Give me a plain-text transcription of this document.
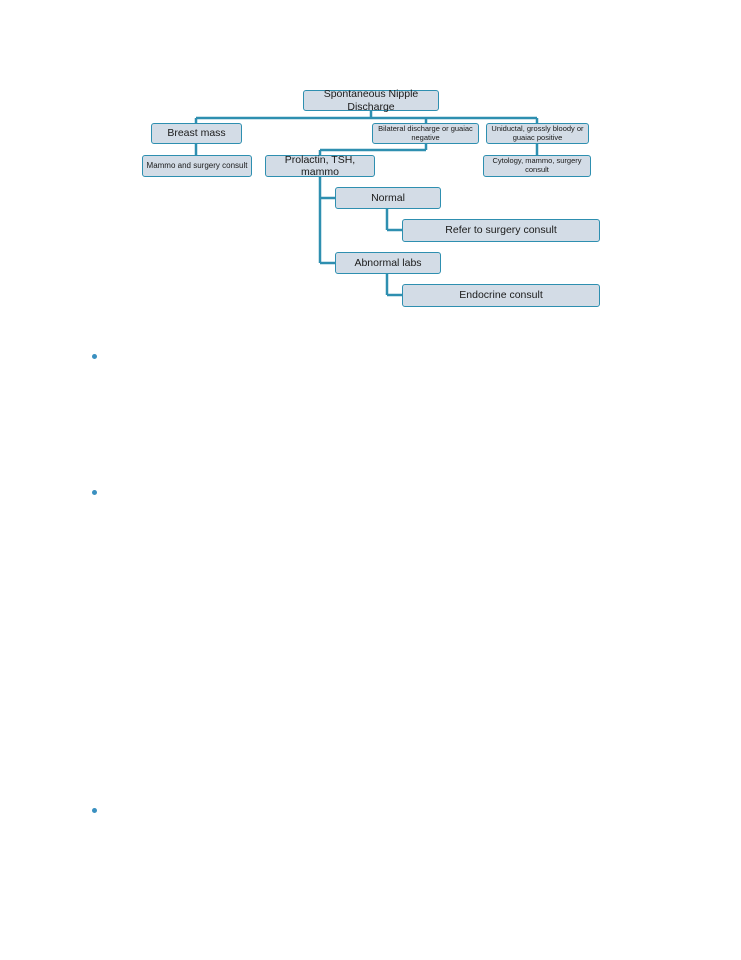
Spontaneous Nipple Discharge
Breast mass	Bilateral discharge or guaiac negative
Uniductal, grossly bloody or guaiac positive
Mammo and surgery consult	Prolactin, TSH, mammo
Cytology, mammo, surgery consult
Normal
Refer to surgery consult
Abnormal labs
Endocrine consult
